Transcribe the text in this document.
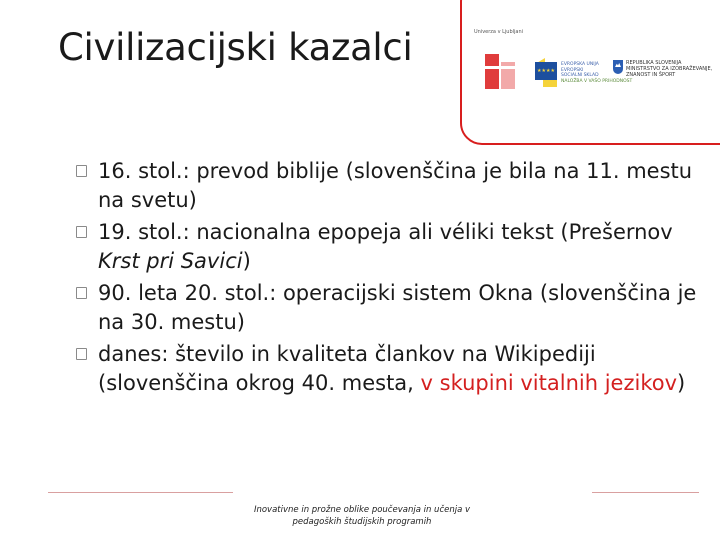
Civilizacijski kazalci	Univerza v Ljubljani
★★★★
EVROPSKA UNIJA
EVROPSKI
SOCIALNI SKLAD
NALOŽBA V VAŠO PRIHODNOST
REPUBLIKA SLOVENIJA
MINISTRSTVO ZA IZOBRAŽEVANJE,
ZNANOST IN ŠPORT
16. stol.: prevod biblije (slovenščina je bila na 11. mestu na svetu)
19. stol.: nacionalna epopeja ali véliki tekst (Prešernov Krst pri Savici)
90. leta 20. stol.: operacijski sistem Okna (slovenščina je na 30. mestu)
danes: število in kvaliteta člankov na Wikipediji (slovenščina okrog 40. mesta, v skupini vitalnih jezikov)
Inovativne in prožne oblike poučevanja in učenja v
pedagoških študijskih programih
